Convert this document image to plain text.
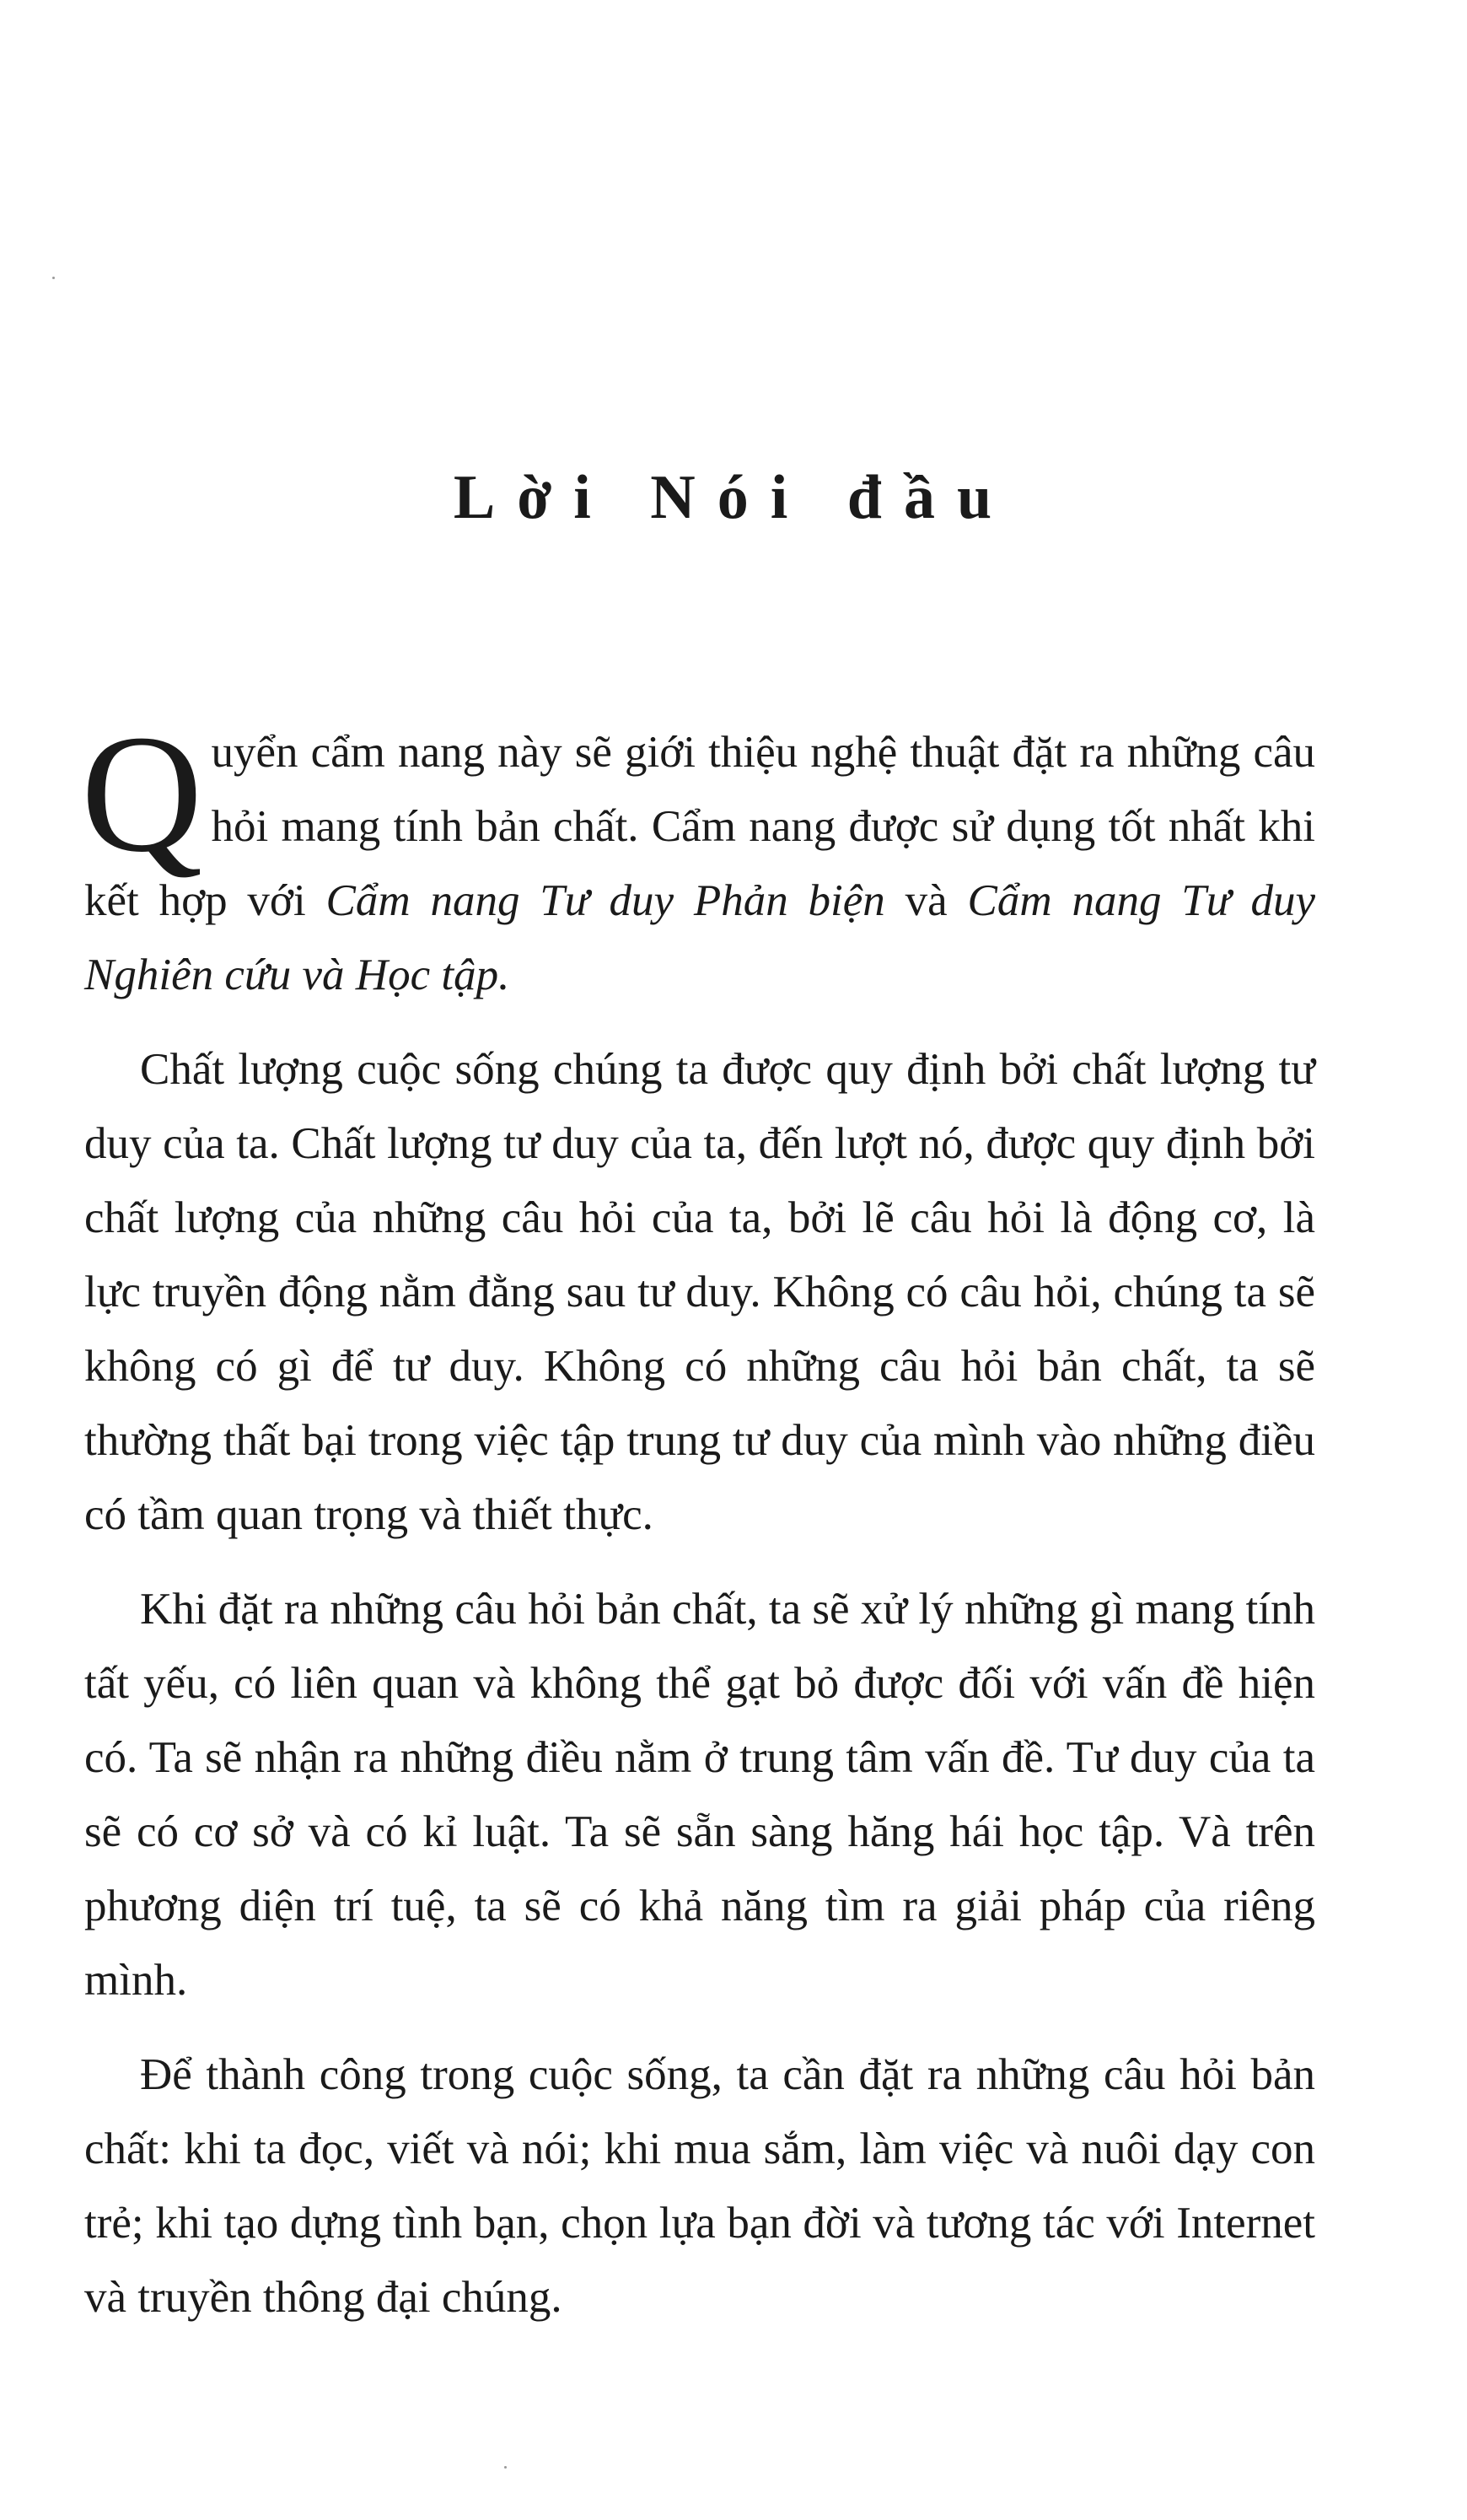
Lời Nói đầu

Quyển cẩm nang này sẽ giới thiệu nghệ thuật đặt ra những câu hỏi mang tính bản chất. Cẩm nang được sử dụng tốt nhất khi kết hợp với Cẩm nang Tư duy Phản biện và Cẩm nang Tư duy Nghiên cứu và Học tập.

Chất lượng cuộc sống chúng ta được quy định bởi chất lượng tư duy của ta. Chất lượng tư duy của ta, đến lượt nó, được quy định bởi chất lượng của những câu hỏi của ta, bởi lẽ câu hỏi là động cơ, là lực truyền động nằm đằng sau tư duy. Không có câu hỏi, chúng ta sẽ không có gì để tư duy. Không có những câu hỏi bản chất, ta sẽ thường thất bại trong việc tập trung tư duy của mình vào những điều có tầm quan trọng và thiết thực.

Khi đặt ra những câu hỏi bản chất, ta sẽ xử lý những gì mang tính tất yếu, có liên quan và không thể gạt bỏ được đối với vấn đề hiện có. Ta sẽ nhận ra những điều nằm ở trung tâm vấn đề. Tư duy của ta sẽ có cơ sở và có kỉ luật. Ta sẽ sẵn sàng hăng hái học tập. Và trên phương diện trí tuệ, ta sẽ có khả năng tìm ra giải pháp của riêng mình.

Để thành công trong cuộc sống, ta cần đặt ra những câu hỏi bản chất: khi ta đọc, viết và nói; khi mua sắm, làm việc và nuôi dạy con trẻ; khi tạo dựng tình bạn, chọn lựa bạn đời và tương tác với Internet và truyền thông đại chúng.
